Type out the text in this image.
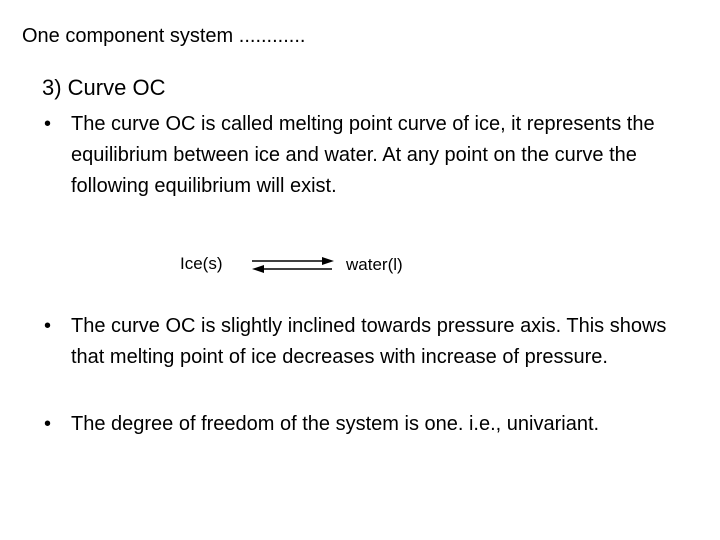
One component system ............
3) Curve OC
• The curve OC is called melting point curve of ice, it represents the equilibrium between ice and water. At any point on the curve the following equilibrium will exist.
Ice(s)	water(l)
• The curve OC is slightly inclined towards pressure axis. This shows that melting point of ice decreases with increase of pressure.
• The degree of freedom of the system is one. i.e., univariant.
